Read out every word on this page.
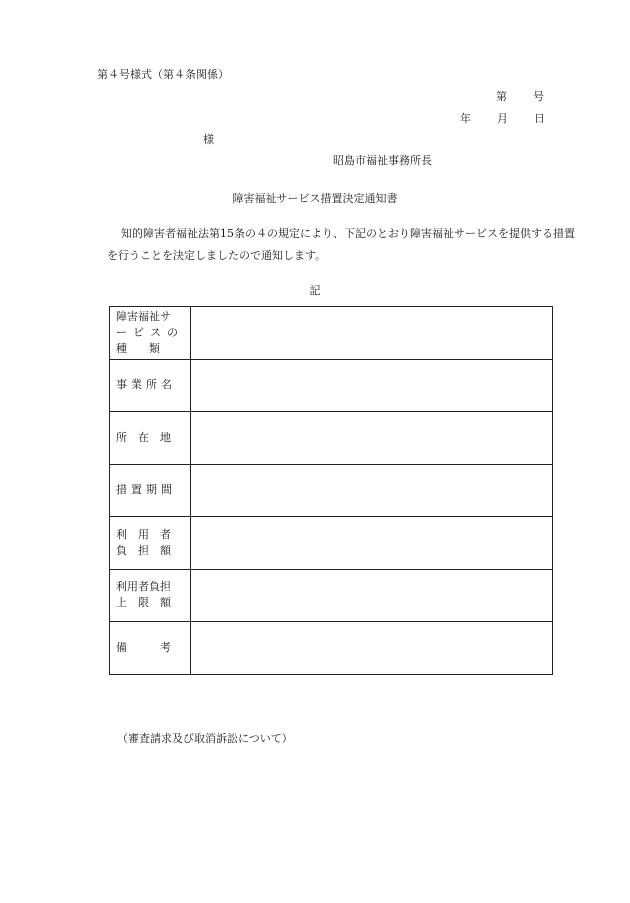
第４号様式（第４条関係）
第 号
年 月 日
様
昭島市福祉事務所長
障害福祉サービス措置決定通知書
知的障害者福祉法第15条の４の規定により、下記のとおり障害福祉サービスを提供する措置を行うことを決定しましたので通知します。
記
障害福祉サ
ービスの
種　　類	

事業所名	

所　在　地	

措置期間	

利　用　者
負　担　額	

利用者負担
上　限　額	

備　　　考	

（審査請求及び取消訴訟について）
